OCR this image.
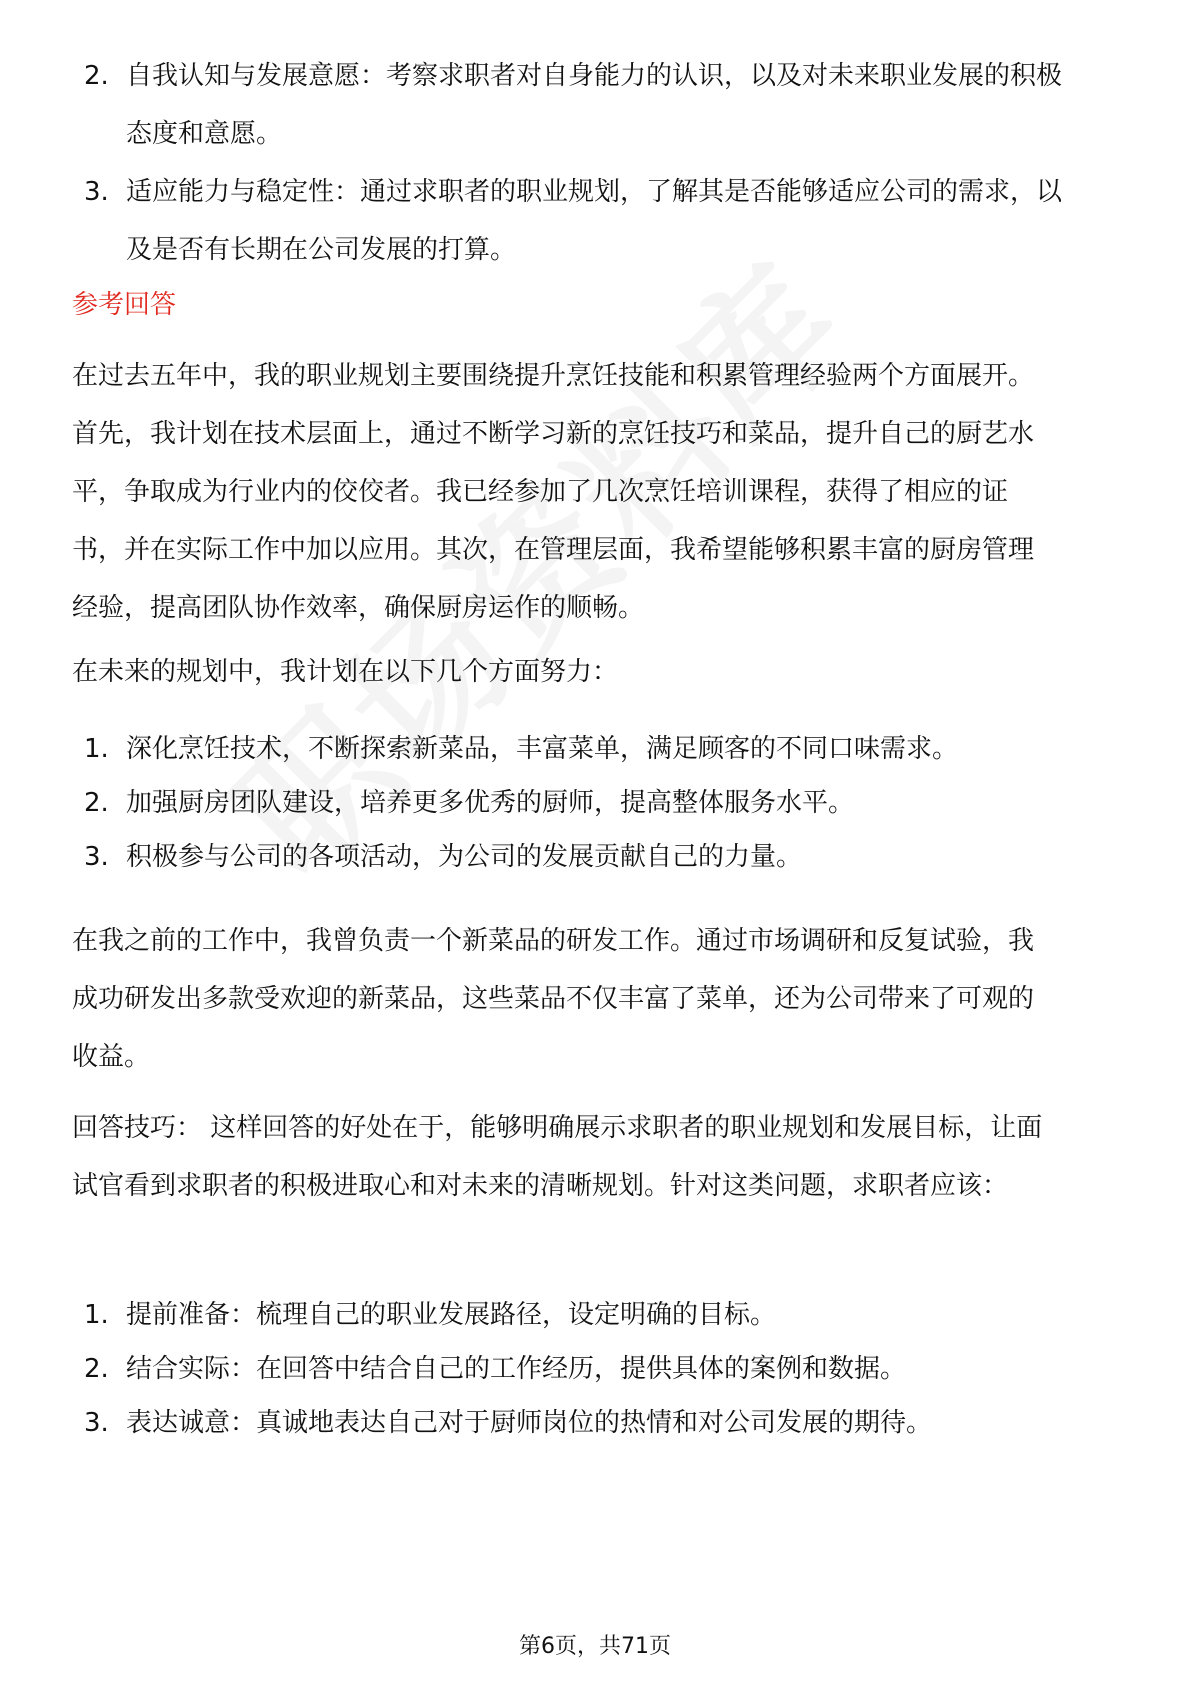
2. 自我认知与发展意愿：考察求职者对自身能力的认识，以及对未来职业发展的积极态度和意愿。
3. 适应能力与稳定性：通过求职者的职业规划，了解其是否能够适应公司的需求，以及是否有长期在公司发展的打算。
参考回答

在过去五年中，我的职业规划主要围绕提升烹饪技能和积累管理经验两个方面展开。首先，我计划在技术层面上，通过不断学习新的烹饪技巧和菜品，提升自己的厨艺水平，争取成为行业内的佼佼者。我已经参加了几次烹饪培训课程，获得了相应的证书，并在实际工作中加以应用。其次，在管理层面，我希望能够积累丰富的厨房管理经验，提高团队协作效率，确保厨房运作的顺畅。

在未来的规划中，我计划在以下几个方面努力：

1. 深化烹饪技术，不断探索新菜品，丰富菜单，满足顾客的不同口味需求。
2. 加强厨房团队建设，培养更多优秀的厨师，提高整体服务水平。
3. 积极参与公司的各项活动，为公司的发展贡献自己的力量。

在我之前的工作中，我曾负责一个新菜品的研发工作。通过市场调研和反复试验，我成功研发出多款受欢迎的新菜品，这些菜品不仅丰富了菜单，还为公司带来了可观的收益。

回答技巧： 这样回答的好处在于，能够明确展示求职者的职业规划和发展目标，让面试官看到求职者的积极进取心和对未来的清晰规划。针对这类问题，求职者应该：

1. 提前准备：梳理自己的职业发展路径，设定明确的目标。
2. 结合实际：在回答中结合自己的工作经历，提供具体的案例和数据。
3. 表达诚意：真诚地表达自己对于厨师岗位的热情和对公司发展的期待。
第6页，共71页
